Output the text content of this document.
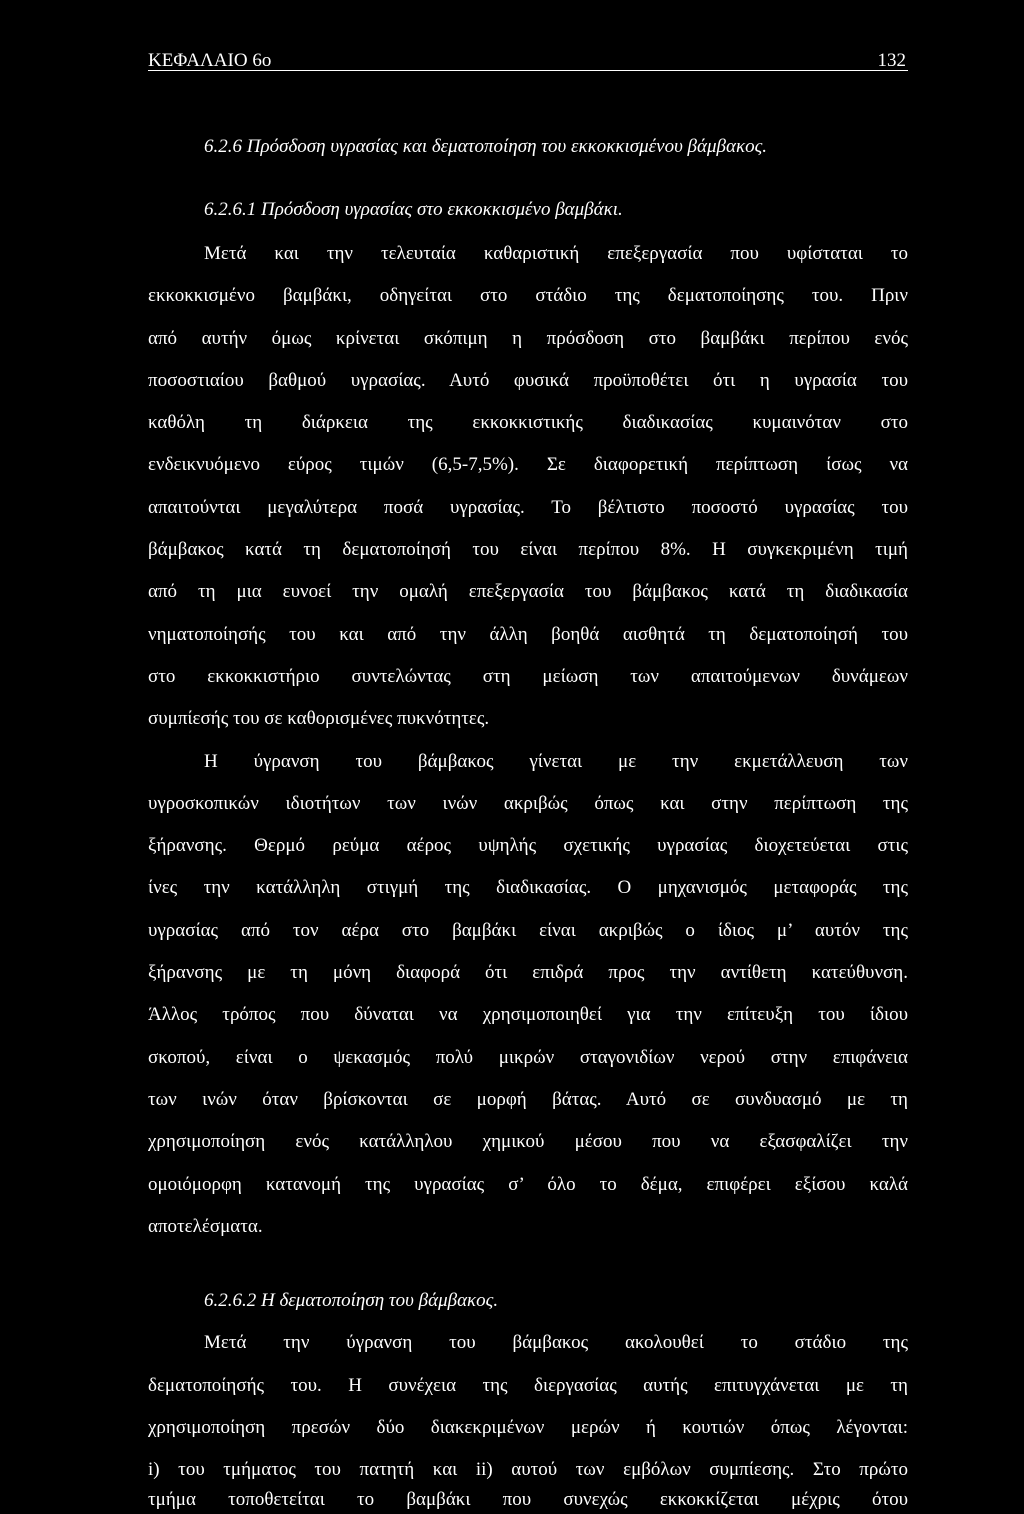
ΚΕΦΑΛΑΙΟ 6ο	132
6.2.6 Πρόσδοση υγρασίας και δεματοποίηση του εκκοκκισμένου βάμβακος.
6.2.6.1 Πρόσδοση υγρασίας στο εκκοκκισμένο βαμβάκι.
Μετά και την τελευταία καθαριστική επεξεργασία που υφίσταται το
εκκοκκισμένο βαμβάκι, οδηγείται στο στάδιο της δεματοποίησης του. Πριν
από αυτήν όμως κρίνεται σκόπιμη η πρόσδοση στο βαμβάκι περίπου ενός
ποσοστιαίου βαθμού υγρασίας. Αυτό φυσικά προϋποθέτει ότι η υγρασία του
καθόλη τη διάρκεια της εκκοκκιστικής διαδικασίας κυμαινόταν στο
ενδεικνυόμενο εύρος τιμών (6,5-7,5%). Σε διαφορετική περίπτωση ίσως να
απαιτούνται μεγαλύτερα ποσά υγρασίας. Το βέλτιστο ποσοστό υγρασίας του
βάμβακος κατά τη δεματοποίησή του είναι περίπου 8%. Η συγκεκριμένη τιμή
από τη μια ευνοεί την ομαλή επεξεργασία του βάμβακος κατά τη διαδικασία
νηματοποίησής του και από την άλλη βοηθά αισθητά τη δεματοποίησή του
στο εκκοκκιστήριο συντελώντας στη μείωση των απαιτούμενων δυνάμεων
συμπίεσής του σε καθορισμένες πυκνότητες.
Η ύγρανση του βάμβακος γίνεται με την εκμετάλλευση των
υγροσκοπικών ιδιοτήτων των ινών ακριβώς όπως και στην περίπτωση της
ξήρανσης. Θερμό ρεύμα αέρος υψηλής σχετικής υγρασίας διοχετεύεται στις
ίνες την κατάλληλη στιγμή της διαδικασίας. Ο μηχανισμός μεταφοράς της
υγρασίας από τον αέρα στο βαμβάκι είναι ακριβώς ο ίδιος μ’ αυτόν της
ξήρανσης με τη μόνη διαφορά ότι επιδρά προς την αντίθετη κατεύθυνση.
Άλλος τρόπος που δύναται να χρησιμοποιηθεί για την επίτευξη του ίδιου
σκοπού, είναι ο ψεκασμός πολύ μικρών σταγονιδίων νερού στην επιφάνεια
των ινών όταν βρίσκονται σε μορφή βάτας. Αυτό σε συνδυασμό με τη
χρησιμοποίηση ενός κατάλληλου χημικού μέσου που να εξασφαλίζει την
ομοιόμορφη κατανομή της υγρασίας σ’ όλο το δέμα, επιφέρει εξίσου καλά
αποτελέσματα.
6.2.6.2 Η δεματοποίηση του βάμβακος.
Μετά την ύγρανση του βάμβακος ακολουθεί το στάδιο της
δεματοποίησής του. Η συνέχεια της διεργασίας αυτής επιτυγχάνεται με τη
χρησιμοποίηση πρεσών δύο διακεκριμένων μερών ή κουτιών όπως λέγονται:
i) του τμήματος του πατητή και ii) αυτού των εμβόλων συμπίεσης. Στο πρώτο
τμήμα τοποθετείται το βαμβάκι που συνεχώς εκκοκκίζεται μέχρις ότου
